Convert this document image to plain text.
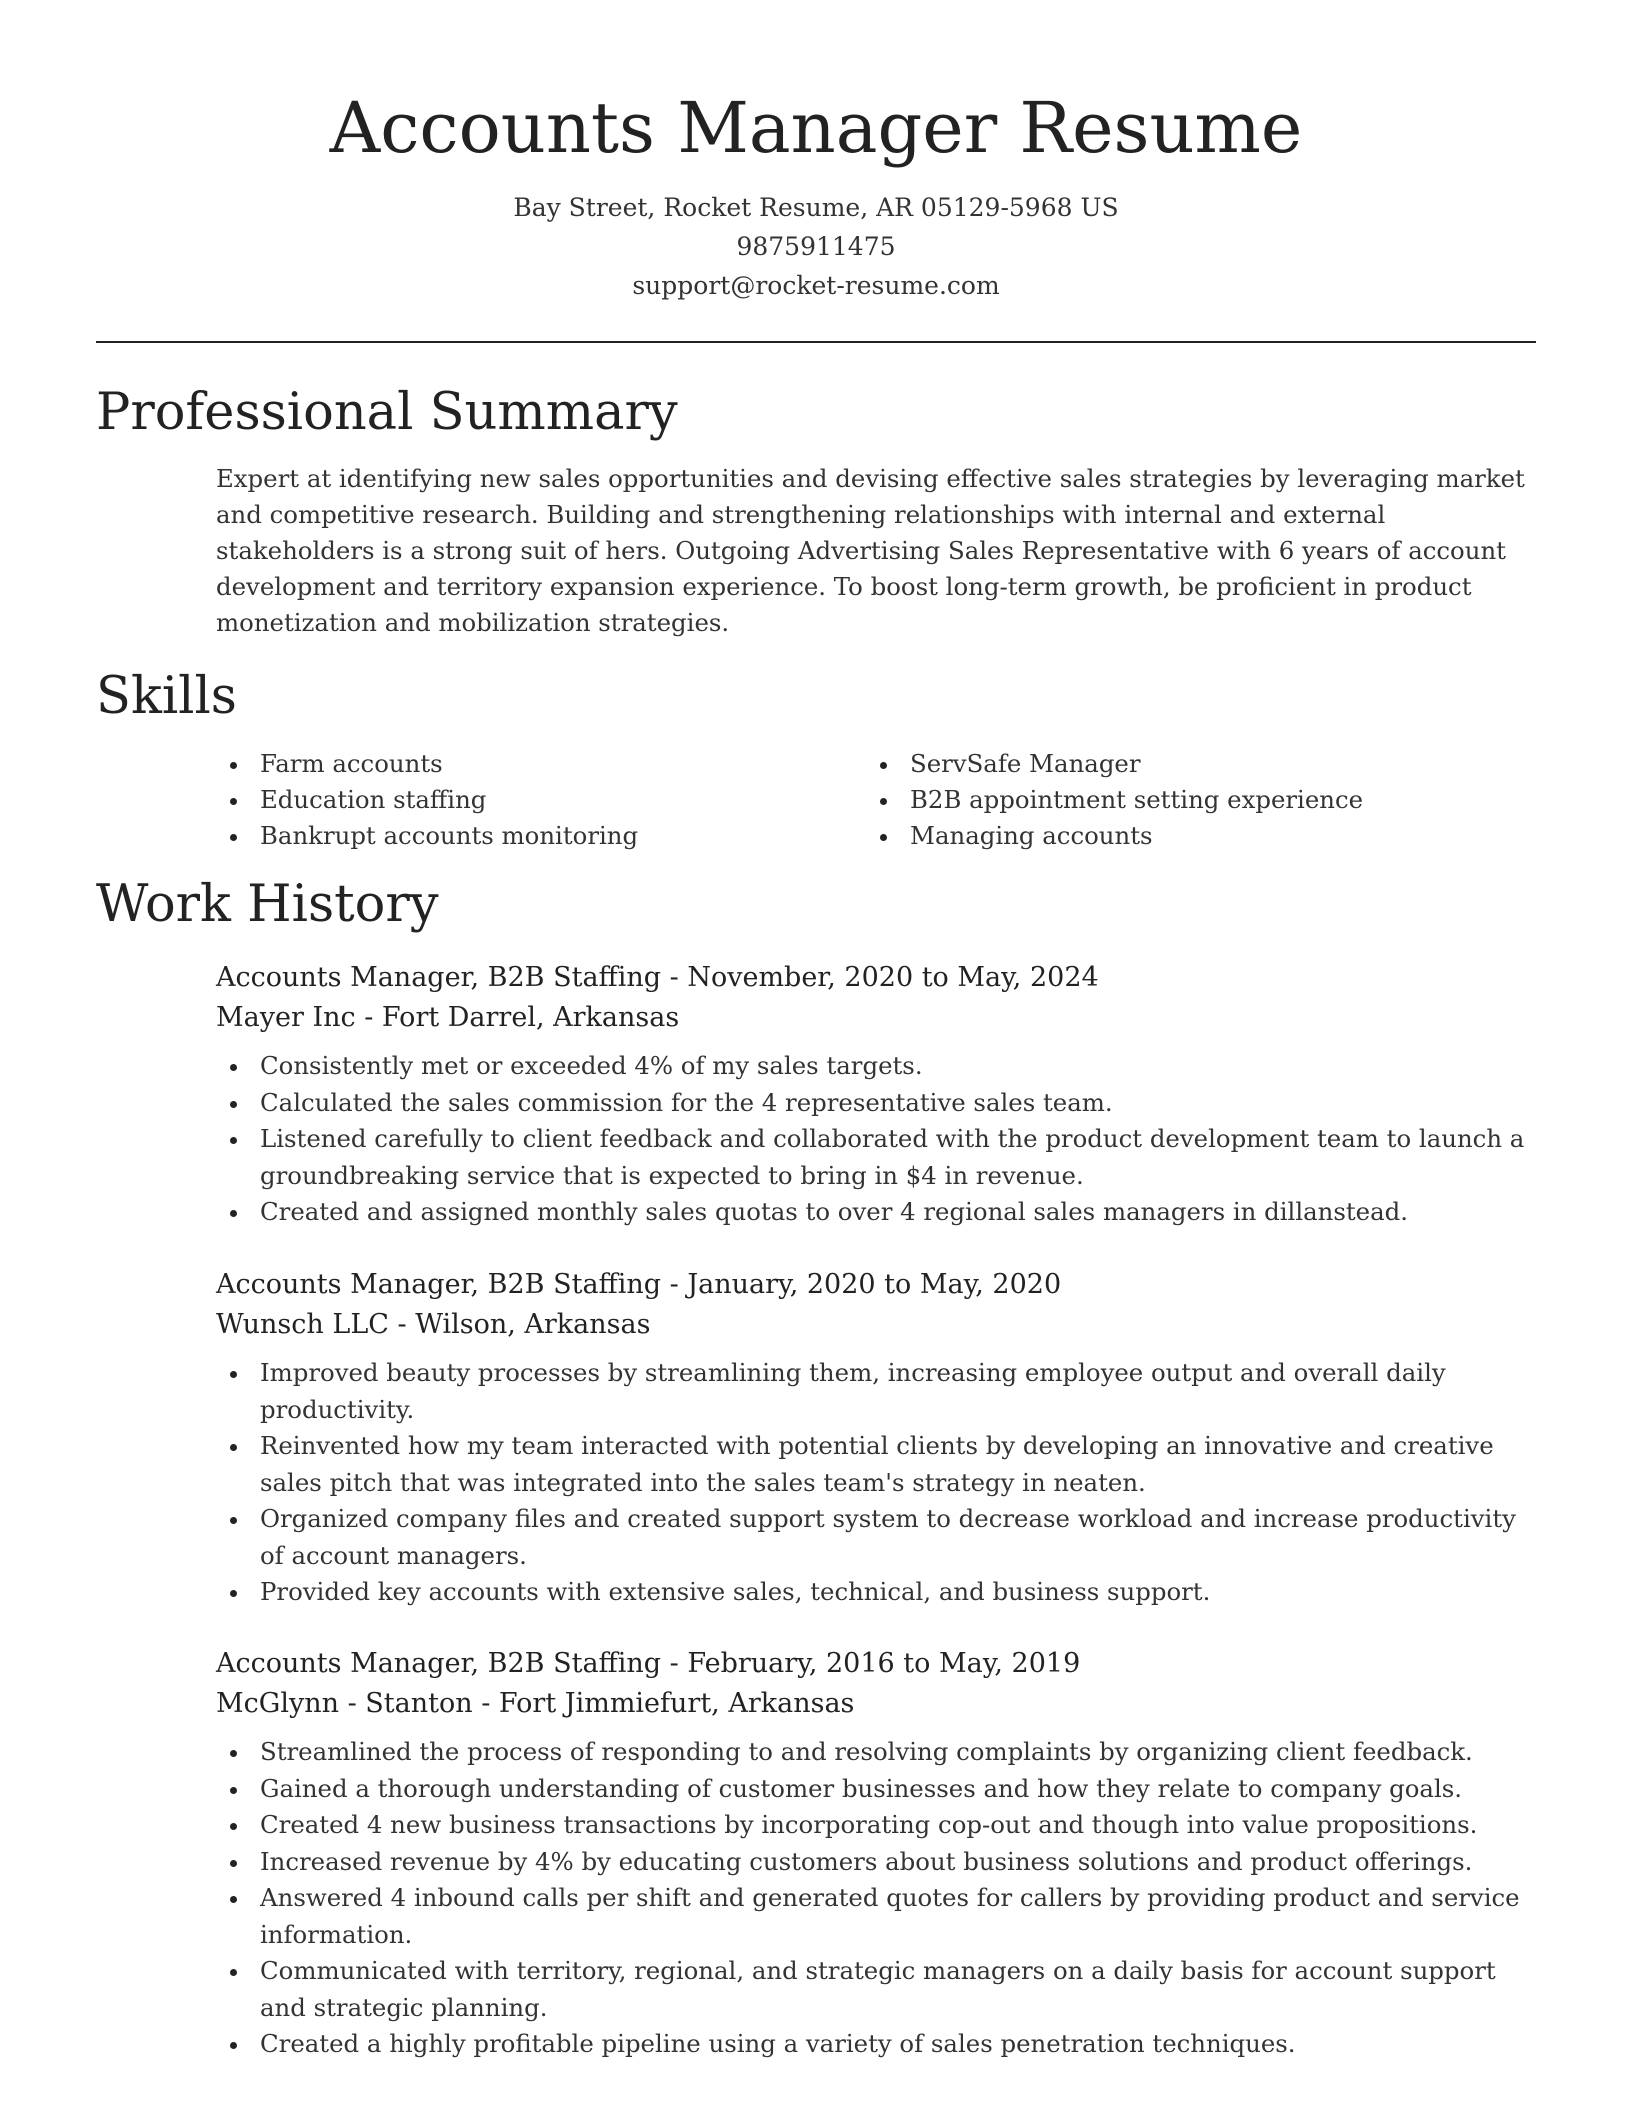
Accounts Manager Resume
Bay Street, Rocket Resume, AR 05129-5968 US
9875911475
support@rocket-resume.com
Professional Summary

Expert at identifying new sales opportunities and devising effective sales strategies by leveraging market and competitive research. Building and strengthening relationships with internal and external stakeholders is a strong suit of hers. Outgoing Advertising Sales Representative with 6 years of account development and territory expansion experience. To boost long-term growth, be proficient in product monetization and mobilization strategies.

Skills
Farm accounts
Education staffing
Bankrupt accounts monitoring
ServSafe Manager
B2B appointment setting experience
Managing accounts
Work History

Accounts Manager, B2B Staffing - November, 2020 to May, 2024

Mayer Inc - Fort Darrel, Arkansas

Consistently met or exceeded 4% of my sales targets.
Calculated the sales commission for the 4 representative sales team.
Listened carefully to client feedback and collaborated with the product development team to launch a groundbreaking service that is expected to bring in $4 in revenue.
Created and assigned monthly sales quotas to over 4 regional sales managers in dillanstead.

Accounts Manager, B2B Staffing - January, 2020 to May, 2020

Wunsch LLC - Wilson, Arkansas

Improved beauty processes by streamlining them, increasing employee output and overall daily productivity.
Reinvented how my team interacted with potential clients by developing an innovative and creative sales pitch that was integrated into the sales team's strategy in neaten.
Organized company files and created support system to decrease workload and increase productivity of account managers.
Provided key accounts with extensive sales, technical, and business support.

Accounts Manager, B2B Staffing - February, 2016 to May, 2019

McGlynn - Stanton - Fort Jimmiefurt, Arkansas

Streamlined the process of responding to and resolving complaints by organizing client feedback.
Gained a thorough understanding of customer businesses and how they relate to company goals.
Created 4 new business transactions by incorporating cop-out and though into value propositions.
Increased revenue by 4% by educating customers about business solutions and product offerings.
Answered 4 inbound calls per shift and generated quotes for callers by providing product and service information.
Communicated with territory, regional, and strategic managers on a daily basis for account support and strategic planning.
Created a highly profitable pipeline using a variety of sales penetration techniques.
